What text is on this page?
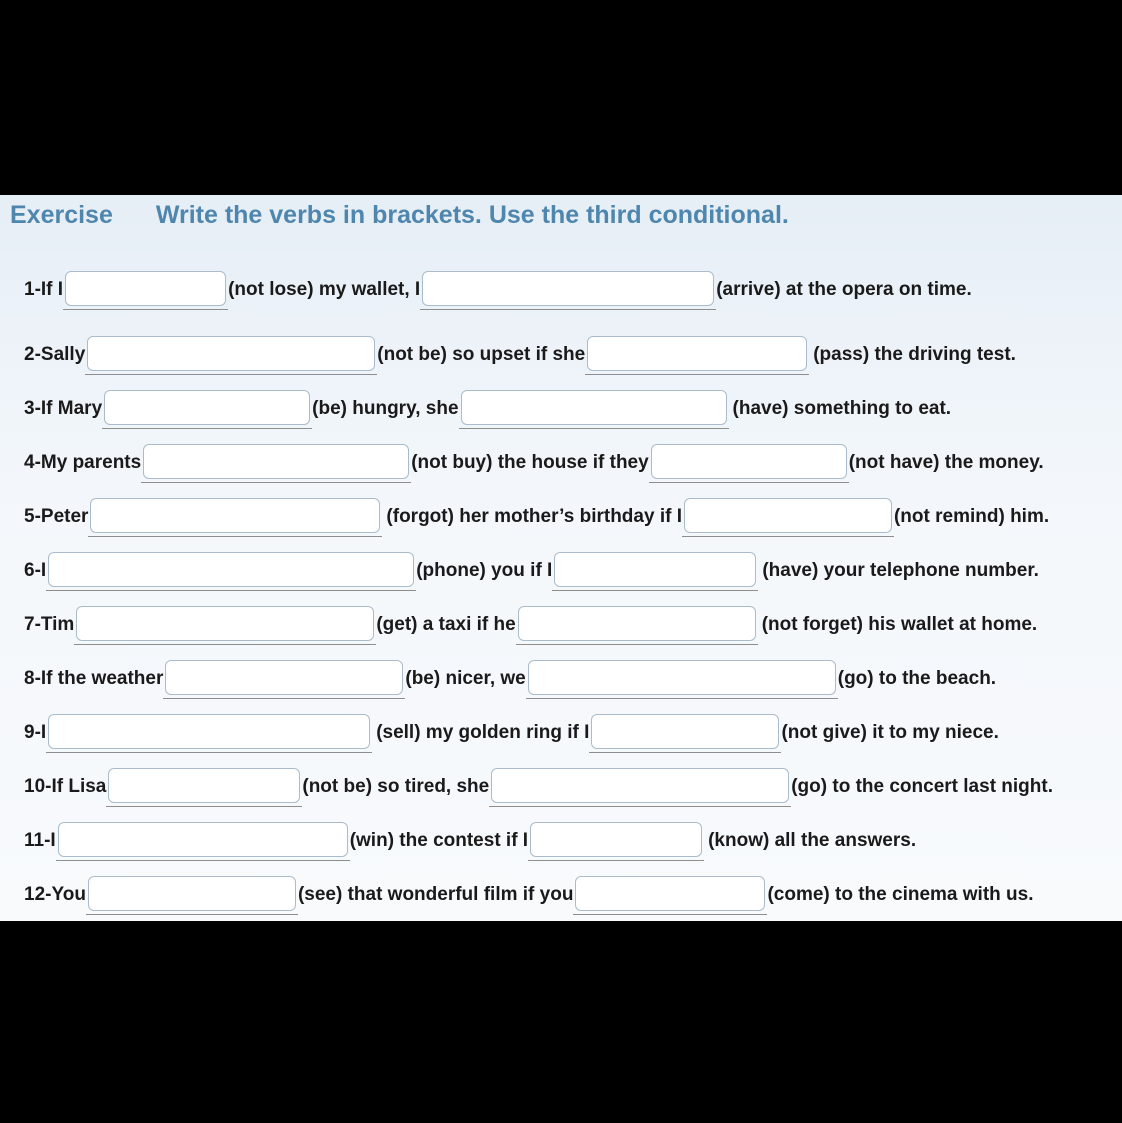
Exercise Write the verbs in brackets. Use the third conditional.
1-If I	(not lose) my wallet, I	(arrive) at the opera on time.
2-Sally	(not be) so upset if she	(pass) the driving test.
3-If Mary	(be) hungry, she	(have) something to eat.
4-My parents	(not buy) the house if they	(not have) the money.
5-Peter	(forgot) her mother’s birthday if I	(not remind) him.
6-I	(phone) you if I	(have) your telephone number.
7-Tim	(get) a taxi if he	(not forget) his wallet at home.
8-If the weather	(be) nicer, we	(go) to the beach.
9-I	(sell) my golden ring if I	(not give) it to my niece.
10-If Lisa	(not be) so tired, she	(go) to the concert last night.
11-I	(win) the contest if I	(know) all the answers.
12-You	(see) that wonderful film if you	(come) to the cinema with us.
